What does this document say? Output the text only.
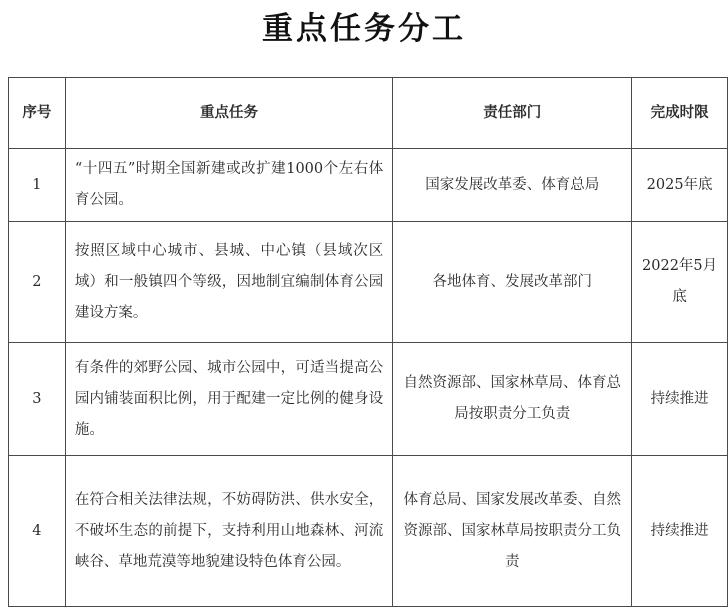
重点任务分工
序号	重点任务	责任部门	完成时限
1	“十四五”时期全国新建或改扩建1000个左右体育公园。	国家发展改革委、体育总局	2025年底
2	按照区域中心城市、县城、中心镇（县域次区域）和一般镇四个等级，因地制宜编制体育公园建设方案。	各地体育、发展改革部门	2022年5月底
3	有条件的郊野公园、城市公园中，可适当提高公园内铺装面积比例，用于配建一定比例的健身设施。	自然资源部、国家林草局、体育总局按职责分工负责	持续推进
4	在符合相关法律法规，不妨碍防洪、供水安全，不破坏生态的前提下，支持利用山地森林、河流峡谷、草地荒漠等地貌建设特色体育公园。	体育总局、国家发展改革委、自然资源部、国家林草局按职责分工负责	持续推进
